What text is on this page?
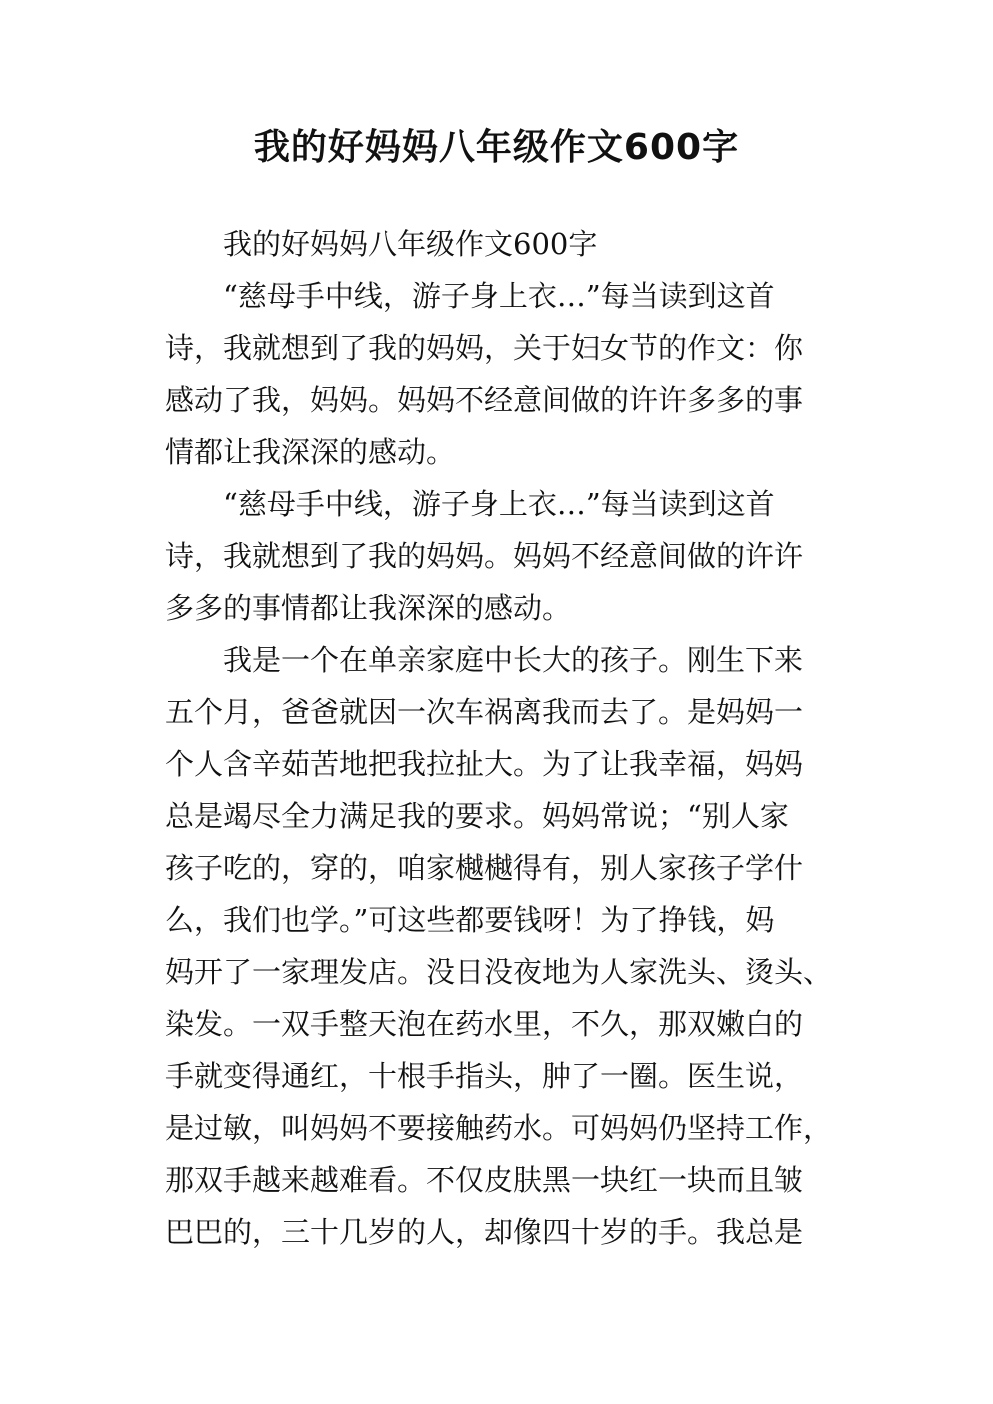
我的好妈妈八年级作文600字
我的好妈妈八年级作文600字
“慈母手中线，游子身上衣…”每当读到这首
诗，我就想到了我的妈妈，关于妇女节的作文：你
感动了我，妈妈。妈妈不经意间做的许许多多的事
情都让我深深的感动。
“慈母手中线，游子身上衣…”每当读到这首
诗，我就想到了我的妈妈。妈妈不经意间做的许许
多多的事情都让我深深的感动。
我是一个在单亲家庭中长大的孩子。刚生下来
五个月，爸爸就因一次车祸离我而去了。是妈妈一
个人含辛茹苦地把我拉扯大。为了让我幸福，妈妈
总是竭尽全力满足我的要求。妈妈常说；“别人家
孩子吃的，穿的，咱家樾樾得有，别人家孩子学什
么，我们也学。”可这些都要钱呀！为了挣钱，妈
妈开了一家理发店。没日没夜地为人家洗头、烫头、
染发。一双手整天泡在药水里，不久，那双嫩白的
手就变得通红，十根手指头，肿了一圈。医生说，
是过敏，叫妈妈不要接触药水。可妈妈仍坚持工作，
那双手越来越难看。不仅皮肤黑一块红一块而且皱
巴巴的，三十几岁的人，却像四十岁的手。我总是
